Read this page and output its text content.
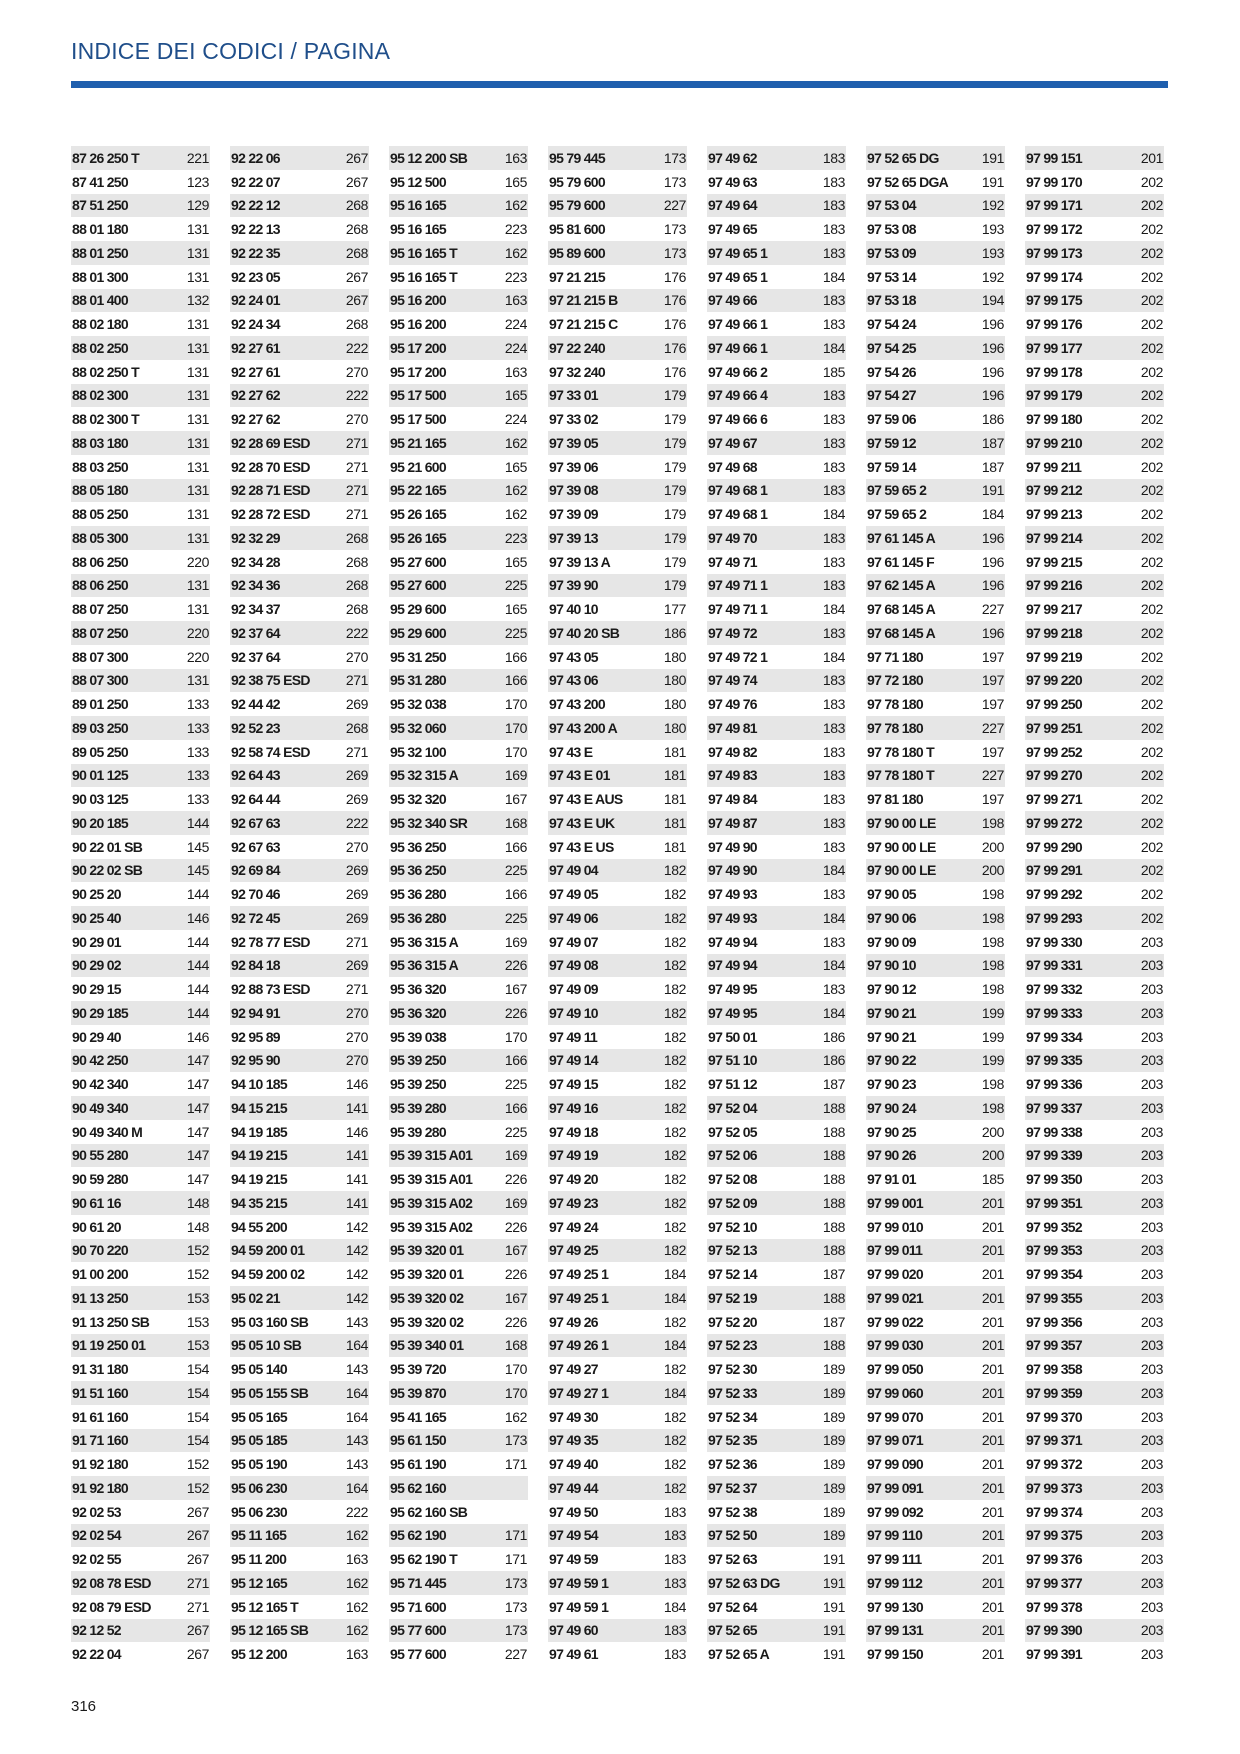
INDICE DEI CODICI / PAGINA
87 26 250 T	221
87 41 250	123
87 51 250	129
88 01 180	131
88 01 250	131
88 01 300	131
88 01 400	132
88 02 180	131
88 02 250	131
88 02 250 T	131
88 02 300	131
88 02 300 T	131
88 03 180	131
88 03 250	131
88 05 180	131
88 05 250	131
88 05 300	131
88 06 250	220
88 06 250	131
88 07 250	131
88 07 250	220
88 07 300	220
88 07 300	131
89 01 250	133
89 03 250	133
89 05 250	133
90 01 125	133
90 03 125	133
90 20 185	144
90 22 01 SB	145
90 22 02 SB	145
90 25 20	144
90 25 40	146
90 29 01	144
90 29 02	144
90 29 15	144
90 29 185	144
90 29 40	146
90 42 250	147
90 42 340	147
90 49 340	147
90 49 340 M	147
90 55 280	147
90 59 280	147
90 61 16	148
90 61 20	148
90 70 220	152
91 00 200	152
91 13 250	153
91 13 250 SB	153
91 19 250 01	153
91 31 180	154
91 51 160	154
91 61 160	154
91 71 160	154
91 92 180	152
91 92 180	152
92 02 53	267
92 02 54	267
92 02 55	267
92 08 78 ESD	271
92 08 79 ESD	271
92 12 52	267
92 22 04	267
92 22 06	267
92 22 07	267
92 22 12	268
92 22 13	268
92 22 35	268
92 23 05	267
92 24 01	267
92 24 34	268
92 27 61	222
92 27 61	270
92 27 62	222
92 27 62	270
92 28 69 ESD	271
92 28 70 ESD	271
92 28 71 ESD	271
92 28 72 ESD	271
92 32 29	268
92 34 28	268
92 34 36	268
92 34 37	268
92 37 64	222
92 37 64	270
92 38 75 ESD	271
92 44 42	269
92 52 23	268
92 58 74 ESD	271
92 64 43	269
92 64 44	269
92 67 63	222
92 67 63	270
92 69 84	269
92 70 46	269
92 72 45	269
92 78 77 ESD	271
92 84 18	269
92 88 73 ESD	271
92 94 91	270
92 95 89	270
92 95 90	270
94 10 185	146
94 15 215	141
94 19 185	146
94 19 215	141
94 19 215	141
94 35 215	141
94 55 200	142
94 59 200 01	142
94 59 200 02	142
95 02 21	142
95 03 160 SB	143
95 05 10 SB	164
95 05 140	143
95 05 155 SB	164
95 05 165	164
95 05 185	143
95 05 190	143
95 06 230	164
95 06 230	222
95 11 165	162
95 11 200	163
95 12 165	162
95 12 165 T	162
95 12 165 SB	162
95 12 200	163
95 12 200 SB	163
95 12 500	165
95 16 165	162
95 16 165	223
95 16 165 T	162
95 16 165 T	223
95 16 200	163
95 16 200	224
95 17 200	224
95 17 200	163
95 17 500	165
95 17 500	224
95 21 165	162
95 21 600	165
95 22 165	162
95 26 165	162
95 26 165	223
95 27 600	165
95 27 600	225
95 29 600	165
95 29 600	225
95 31 250	166
95 31 280	166
95 32 038	170
95 32 060	170
95 32 100	170
95 32 315 A	169
95 32 320	167
95 32 340 SR	168
95 36 250	166
95 36 250	225
95 36 280	166
95 36 280	225
95 36 315 A	169
95 36 315 A	226
95 36 320	167
95 36 320	226
95 39 038	170
95 39 250	166
95 39 250	225
95 39 280	166
95 39 280	225
95 39 315 A01 169
95 39 315 A01 226
95 39 315 A02 169
95 39 315 A02 226
95 39 320 01	167
95 39 320 01	226
95 39 320 02	167
95 39 320 02	226
95 39 340 01	168
95 39 720	170
95 39 870	170
95 41 165	162
95 61 150	173
95 61 190	171
95 62 160
95 62 160 SB
95 62 190	171
95 62 190 T	171
95 71 445	173
95 71 600	173
95 77 600	173
95 77 600	227
95 79 445	173
95 79 600	173
95 79 600	227
95 81 600	173
95 89 600	173
97 21 215	176
97 21 215 B	176
97 21 215 C	176
97 22 240	176
97 32 240	176
97 33 01	179
97 33 02	179
97 39 05	179
97 39 06	179
97 39 08	179
97 39 09	179
97 39 13	179
97 39 13 A	179
97 39 90	179
97 40 10	177
97 40 20 SB	186
97 43 05	180
97 43 06	180
97 43 200	180
97 43 200 A	180
97 43 E	181
97 43 E 01	181
97 43 E AUS	181
97 43 E UK	181
97 43 E US	181
97 49 04	182
97 49 05	182
97 49 06	182
97 49 07	182
97 49 08	182
97 49 09	182
97 49 10	182
97 49 11	182
97 49 14	182
97 49 15	182
97 49 16	182
97 49 18	182
97 49 19	182
97 49 20	182
97 49 23	182
97 49 24	182
97 49 25	182
97 49 25 1	184
97 49 25 1	184
97 49 26	182
97 49 26 1	184
97 49 27	182
97 49 27 1	184
97 49 30	182
97 49 35	182
97 49 40	182
97 49 44	182
97 49 50	183
97 49 54	183
97 49 59	183
97 49 59 1	183
97 49 59 1	184
97 49 60	183
97 49 61	183
97 49 62	183
97 49 63	183
97 49 64	183
97 49 65	183
97 49 65 1	183
97 49 65 1	184
97 49 66	183
97 49 66 1	183
97 49 66 1	184
97 49 66 2	185
97 49 66 4	183
97 49 66 6	183
97 49 67	183
97 49 68	183
97 49 68 1	183
97 49 68 1	184
97 49 70	183
97 49 71	183
97 49 71 1	183
97 49 71 1	184
97 49 72	183
97 49 72 1	184
97 49 74	183
97 49 76	183
97 49 81	183
97 49 82	183
97 49 83	183
97 49 84	183
97 49 87	183
97 49 90	183
97 49 90	184
97 49 93	183
97 49 93	184
97 49 94	183
97 49 94	184
97 49 95	183
97 49 95	184
97 50 01	186
97 51 10	186
97 51 12	187
97 52 04	188
97 52 05	188
97 52 06	188
97 52 08	188
97 52 09	188
97 52 10	188
97 52 13	188
97 52 14	187
97 52 19	188
97 52 20	187
97 52 23	188
97 52 30	189
97 52 33	189
97 52 34	189
97 52 35	189
97 52 36	189
97 52 37	189
97 52 38	189
97 52 50	189
97 52 63	191
97 52 63 DG	191
97 52 64	191
97 52 65	191
97 52 65 A	191
97 52 65 DG	191
97 52 65 DGA 191
97 53 04	192
97 53 08	193
97 53 09	193
97 53 14	192
97 53 18	194
97 54 24	196
97 54 25	196
97 54 26	196
97 54 27	196
97 59 06	186
97 59 12	187
97 59 14	187
97 59 65 2	191
97 59 65 2	184
97 61 145 A	196
97 61 145 F	196
97 62 145 A	196
97 68 145 A	227
97 68 145 A	196
97 71 180	197
97 72 180	197
97 78 180	197
97 78 180	227
97 78 180 T	197
97 78 180 T	227
97 81 180	197
97 90 00 LE	198
97 90 00 LE	200
97 90 00 LE	200
97 90 05	198
97 90 06	198
97 90 09	198
97 90 10	198
97 90 12	198
97 90 21	199
97 90 21	199
97 90 22	199
97 90 23	198
97 90 24	198
97 90 25	200
97 90 26	200
97 91 01	185
97 99 001	201
97 99 010	201
97 99 011	201
97 99 020	201
97 99 021	201
97 99 022	201
97 99 030	201
97 99 050	201
97 99 060	201
97 99 070	201
97 99 071	201
97 99 090	201
97 99 091	201
97 99 092	201
97 99 110	201
97 99 111	201
97 99 112	201
97 99 130	201
97 99 131	201
97 99 150	201
97 99 151	201
97 99 170	202
97 99 171	202
97 99 172	202
97 99 173	202
97 99 174	202
97 99 175	202
97 99 176	202
97 99 177	202
97 99 178	202
97 99 179	202
97 99 180	202
97 99 210	202
97 99 211	202
97 99 212	202
97 99 213	202
97 99 214	202
97 99 215	202
97 99 216	202
97 99 217	202
97 99 218	202
97 99 219	202
97 99 220	202
97 99 250	202
97 99 251	202
97 99 252	202
97 99 270	202
97 99 271	202
97 99 272	202
97 99 290	202
97 99 291	202
97 99 292	202
97 99 293	202
97 99 330	203
97 99 331	203
97 99 332	203
97 99 333	203
97 99 334	203
97 99 335	203
97 99 336	203
97 99 337	203
97 99 338	203
97 99 339	203
97 99 350	203
97 99 351	203
97 99 352	203
97 99 353	203
97 99 354	203
97 99 355	203
97 99 356	203
97 99 357	203
97 99 358	203
97 99 359	203
97 99 370	203
97 99 371	203
97 99 372	203
97 99 373	203
97 99 374	203
97 99 375	203
97 99 376	203
97 99 377	203
97 99 378	203
97 99 390	203
97 99 391	203
316
